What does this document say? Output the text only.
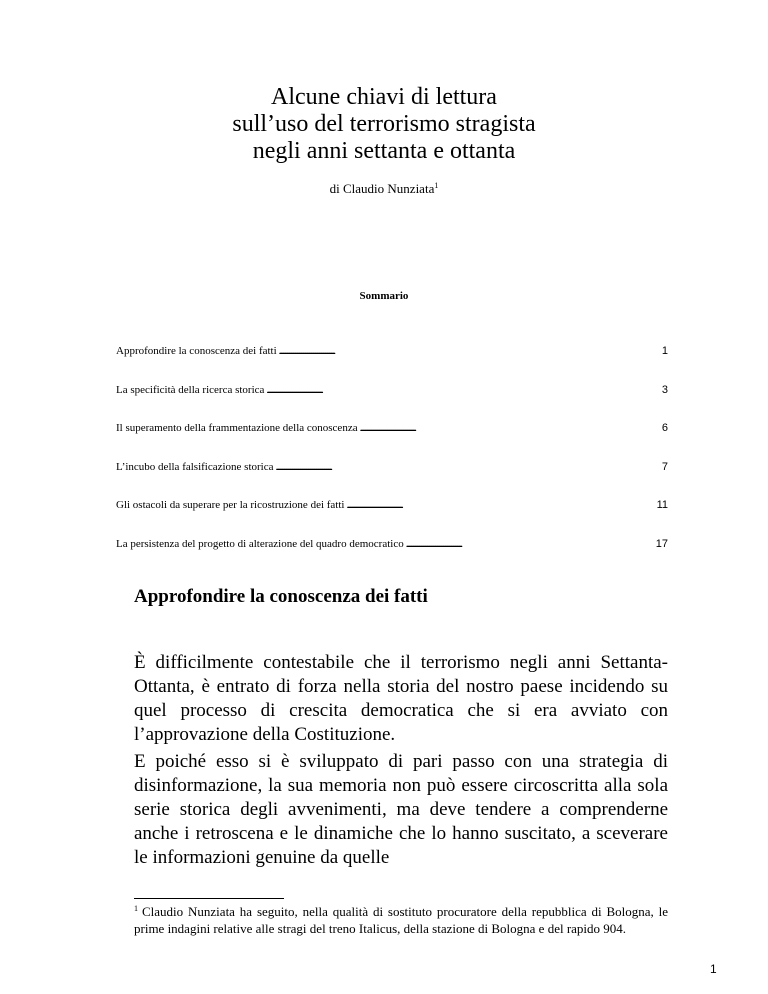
Alcune chiavi di lettura
sull’uso del terrorismo stragista
negli anni settanta e ottanta
di Claudio Nunziata$^1$
Sommario
Approfondire la conoscenza dei fatti . . .	1
La specificità della ricerca storica . . .	3
Il superamento della frammentazione della conoscenza . . .	6
L’incubo della falsificazione storica . . .	7
Gli ostacoli da superare per la ricostruzione dei fatti . . .	11
La persistenza del progetto di alterazione del quadro democratico . . .	17
Approfondire la conoscenza dei fatti

È difficilmente contestabile che il terrorismo negli anni Settanta-Ottanta, è entrato di forza nella storia del nostro paese incidendo su quel processo di crescita democratica che si era avviato con l’approvazione della Costituzione.

E poiché esso si è sviluppato di pari passo con una strategia di disinformazione, la sua memoria non può essere circoscritta alla sola serie storica degli avvenimenti, ma deve tendere a comprenderne anche i retroscena e le dinamiche che lo hanno suscitato, a sceverare le informazioni genuine da quelle

$^1$ Claudio Nunziata ha seguito, nella qualità di sostituto procuratore della repubblica di Bologna, le prime indagini relative alle stragi del treno Italicus, della stazione di Bologna e del rapido 904.

1
